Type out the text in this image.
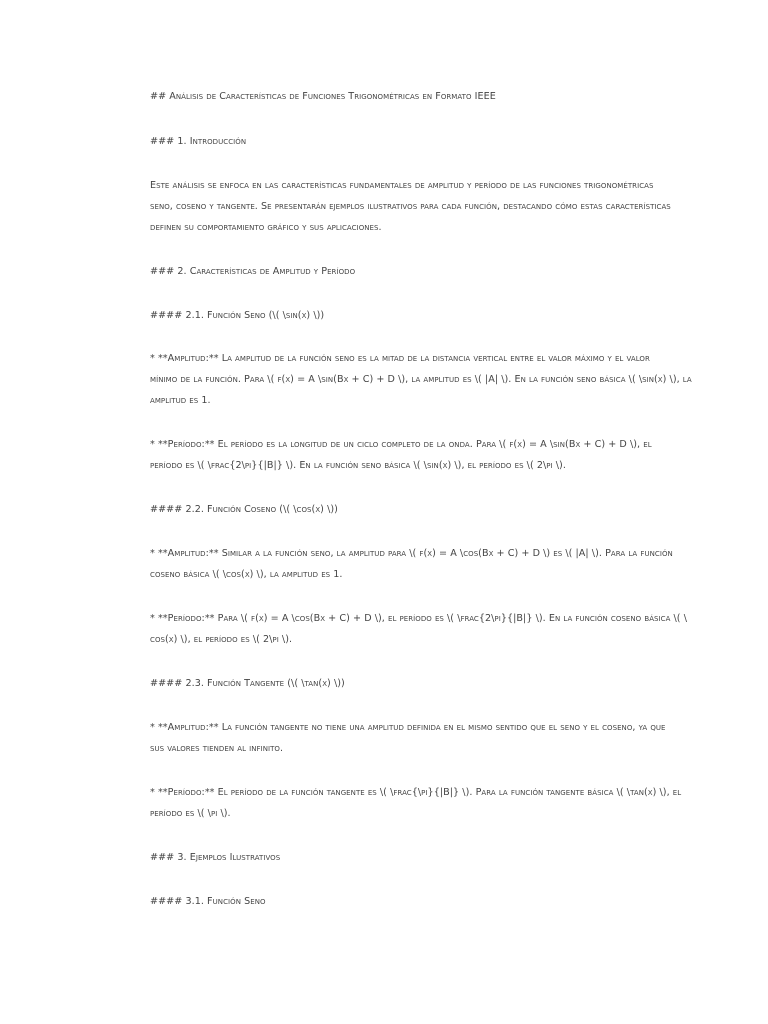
## Análisis de Características de Funciones Trigonométricas en Formato IEEE
### 1. Introducción
Este análisis se enfoca en las características fundamentales de amplitud y período de las funciones trigonométricas
seno, coseno y tangente. Se presentarán ejemplos ilustrativos para cada función, destacando cómo estas características
definen su comportamiento gráfico y sus aplicaciones.
### 2. Características de Amplitud y Período
#### 2.1. Función Seno (\( \sin(x) \))
* **Amplitud:** La amplitud de la función seno es la mitad de la distancia vertical entre el valor máximo y el valor
mínimo de la función. Para \( f(x) = A \sin(Bx + C) + D \), la amplitud es \( |A| \). En la función seno básica \( \sin(x) \), la
amplitud es 1.
* **Período:** El período es la longitud de un ciclo completo de la onda. Para \( f(x) = A \sin(Bx + C) + D \), el
período es \( \frac{2\pi}{|B|} \). En la función seno básica \( \sin(x) \), el período es \( 2\pi \).
#### 2.2. Función Coseno (\( \cos(x) \))
* **Amplitud:** Similar a la función seno, la amplitud para \( f(x) = A \cos(Bx + C) + D \) es \( |A| \). Para la función
coseno básica \( \cos(x) \), la amplitud es 1.
* **Período:** Para \( f(x) = A \cos(Bx + C) + D \), el período es \( \frac{2\pi}{|B|} \). En la función coseno básica \( \
cos(x) \), el período es \( 2\pi \).
#### 2.3. Función Tangente (\( \tan(x) \))
* **Amplitud:** La función tangente no tiene una amplitud definida en el mismo sentido que el seno y el coseno, ya que
sus valores tienden al infinito.
* **Período:** El período de la función tangente es \( \frac{\pi}{|B|} \). Para la función tangente básica \( \tan(x) \), el
período es \( \pi \).
### 3. Ejemplos Ilustrativos
#### 3.1. Función Seno
